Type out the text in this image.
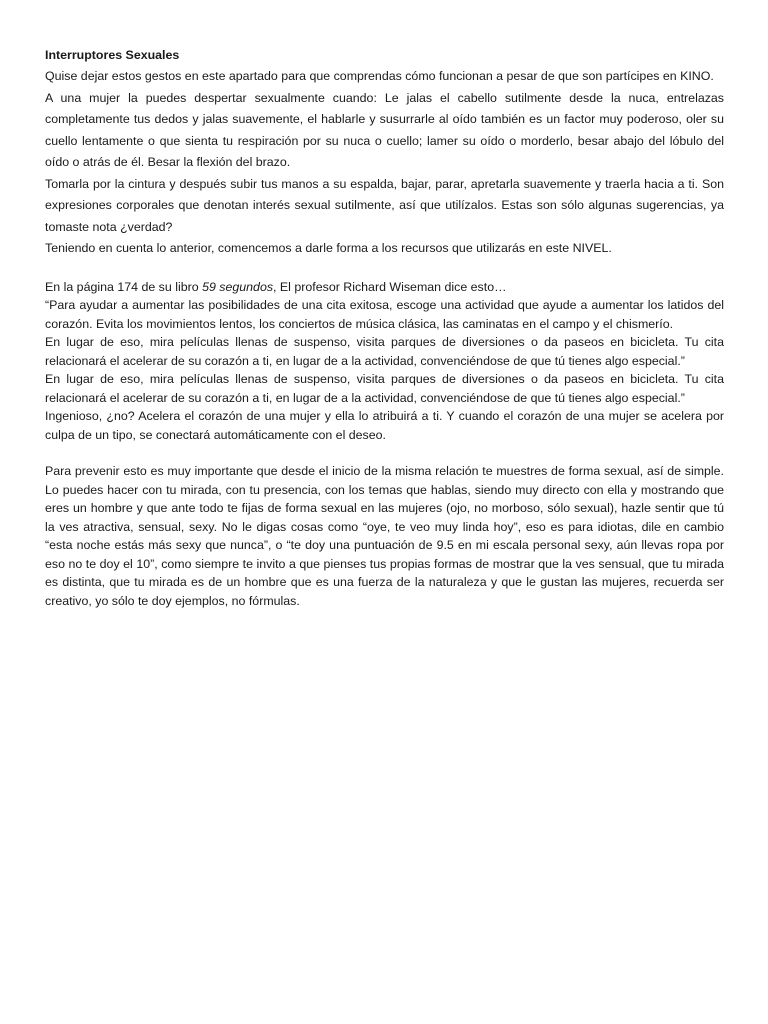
Interruptores Sexuales

Quise dejar estos gestos en este apartado para que comprendas cómo funcionan a pesar de que son partícipes en KINO.

A una mujer la puedes despertar sexualmente cuando: Le jalas el cabello sutilmente desde la nuca, entrelazas completamente tus dedos y jalas suavemente, el hablarle y susurrarle al oído también es un factor muy poderoso, oler su cuello lentamente o que sienta tu respiración por su nuca o cuello; lamer su oído o morderlo, besar abajo del lóbulo del oído o atrás de él. Besar la flexión del brazo.

Tomarla por la cintura y después subir tus manos a su espalda, bajar, parar, apretarla suavemente y traerla hacia a ti. Son expresiones corporales que denotan interés sexual sutilmente, así que utilízalos. Estas son sólo algunas sugerencias, ya tomaste nota ¿verdad?

Teniendo en cuenta lo anterior, comencemos a darle forma a los recursos que utilizarás en este NIVEL.

En la página 174 de su libro 59 segundos, El profesor Richard Wiseman dice esto…

“Para ayudar a aumentar las posibilidades de una cita exitosa, escoge una actividad que ayude a aumentar los latidos del corazón. Evita los movimientos lentos, los conciertos de música clásica, las caminatas en el campo y el chismerío.

En lugar de eso, mira películas llenas de suspenso, visita parques de diversiones o da paseos en bicicleta. Tu cita relacionará el acelerar de su corazón a ti, en lugar de a la actividad, convenciéndose de que tú tienes algo especial.”

En lugar de eso, mira películas llenas de suspenso, visita parques de diversiones o da paseos en bicicleta. Tu cita relacionará el acelerar de su corazón a ti, en lugar de a la actividad, convenciéndose de que tú tienes algo especial.”

Ingenioso, ¿no? Acelera el corazón de una mujer y ella lo atribuirá a ti. Y cuando el corazón de una mujer se acelera por culpa de un tipo, se conectará automáticamente con el deseo.

Para prevenir esto es muy importante que desde el inicio de la misma relación te muestres de forma sexual, así de simple. Lo puedes hacer con tu mirada, con tu presencia, con los temas que hablas, siendo muy directo con ella y mostrando que eres un hombre y que ante todo te fijas de forma sexual en las mujeres (ojo, no morboso, sólo sexual), hazle sentir que tú la ves atractiva, sensual, sexy. No le digas cosas como “oye, te veo muy linda hoy”, eso es para idiotas, dile en cambio “esta noche estás más sexy que nunca”, o “te doy una puntuación de 9.5 en mi escala personal sexy, aún llevas ropa por eso no te doy el 10”, como siempre te invito a que pienses tus propias formas de mostrar que la ves sensual, que tu mirada es distinta, que tu mirada es de un hombre que es una fuerza de la naturaleza y que le gustan las mujeres, recuerda ser creativo, yo sólo te doy ejemplos, no fórmulas.
